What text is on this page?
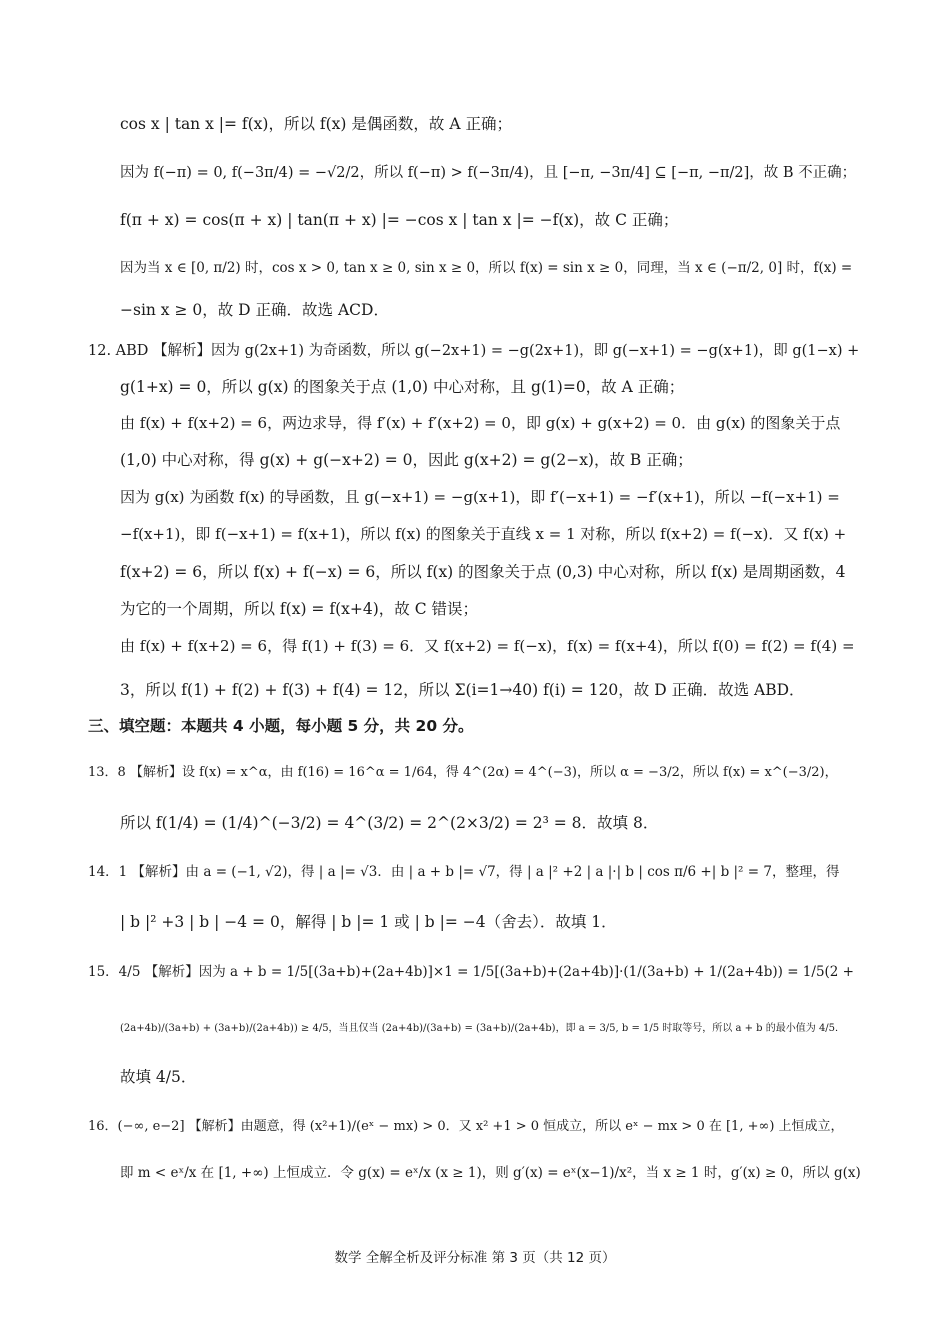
cos x | tan x |= f(x)，所以 f(x) 是偶函数，故 A 正确；
因为 f(−π) = 0, f(−3π/4) = −√2/2，所以 f(−π) > f(−3π/4)，且 [−π, −3π/4] ⊆ [−π, −π/2]，故 B 不正确；
f(π + x) = cos(π + x) | tan(π + x) |= −cos x | tan x |= −f(x)，故 C 正确；
因为当 x ∈ [0, π/2) 时，cos x > 0, tan x ≥ 0, sin x ≥ 0，所以 f(x) = sin x ≥ 0，同理，当 x ∈ (−π/2, 0] 时，f(x) =
−sin x ≥ 0，故 D 正确．故选 ACD．
12. ABD 【解析】因为 g(2x+1) 为奇函数，所以 g(−2x+1) = −g(2x+1)，即 g(−x+1) = −g(x+1)，即 g(1−x) +
g(1+x) = 0，所以 g(x) 的图象关于点 (1,0) 中心对称，且 g(1)=0，故 A 正确；
由 f(x) + f(x+2) = 6，两边求导，得 f′(x) + f′(x+2) = 0，即 g(x) + g(x+2) = 0．由 g(x) 的图象关于点
(1,0) 中心对称，得 g(x) + g(−x+2) = 0，因此 g(x+2) = g(2−x)，故 B 正确；
因为 g(x) 为函数 f(x) 的导函数，且 g(−x+1) = −g(x+1)，即 f′(−x+1) = −f′(x+1)，所以 −f(−x+1) =
−f(x+1)，即 f(−x+1) = f(x+1)，所以 f(x) 的图象关于直线 x = 1 对称，所以 f(x+2) = f(−x)．又 f(x) +
f(x+2) = 6，所以 f(x) + f(−x) = 6，所以 f(x) 的图象关于点 (0,3) 中心对称，所以 f(x) 是周期函数，4
为它的一个周期，所以 f(x) = f(x+4)，故 C 错误；
由 f(x) + f(x+2) = 6，得 f(1) + f(3) = 6．又 f(x+2) = f(−x)，f(x) = f(x+4)，所以 f(0) = f(2) = f(4) =
3，所以 f(1) + f(2) + f(3) + f(4) = 12，所以 Σ(i=1→40) f(i) = 120，故 D 正确．故选 ABD．
三、填空题：本题共 4 小题，每小题 5 分，共 20 分。
13．8 【解析】设 f(x) = x^α，由 f(16) = 16^α = 1/64，得 4^(2α) = 4^(−3)，所以 α = −3/2，所以 f(x) = x^(−3/2)，
所以 f(1/4) = (1/4)^(−3/2) = 4^(3/2) = 2^(2×3/2) = 2³ = 8．故填 8．
14．1 【解析】由 a = (−1, √2)，得 | a |= √3．由 | a + b |= √7，得 | a |² +2 | a |·| b | cos π/6 +| b |² = 7，整理，得
| b |² +3 | b | −4 = 0，解得 | b |= 1 或 | b |= −4（舍去）．故填 1．
15．4/5 【解析】因为 a + b = 1/5[(3a+b)+(2a+4b)]×1 = 1/5[(3a+b)+(2a+4b)]·(1/(3a+b) + 1/(2a+4b)) = 1/5(2 +
(2a+4b)/(3a+b) + (3a+b)/(2a+4b)) ≥ 4/5，当且仅当 (2a+4b)/(3a+b) = (3a+b)/(2a+4b)，即 a = 3/5, b = 1/5 时取等号，所以 a + b 的最小值为 4/5．
故填 4/5．
16．(−∞, e−2] 【解析】由题意，得 (x²+1)/(eˣ − mx) > 0．又 x² +1 > 0 恒成立，所以 eˣ − mx > 0 在 [1, +∞) 上恒成立，
即 m < eˣ/x 在 [1, +∞) 上恒成立．令 g(x) = eˣ/x (x ≥ 1)，则 g′(x) = eˣ(x−1)/x²，当 x ≥ 1 时，g′(x) ≥ 0，所以 g(x)
数学 全解全析及评分标准 第 3 页（共 12 页）
